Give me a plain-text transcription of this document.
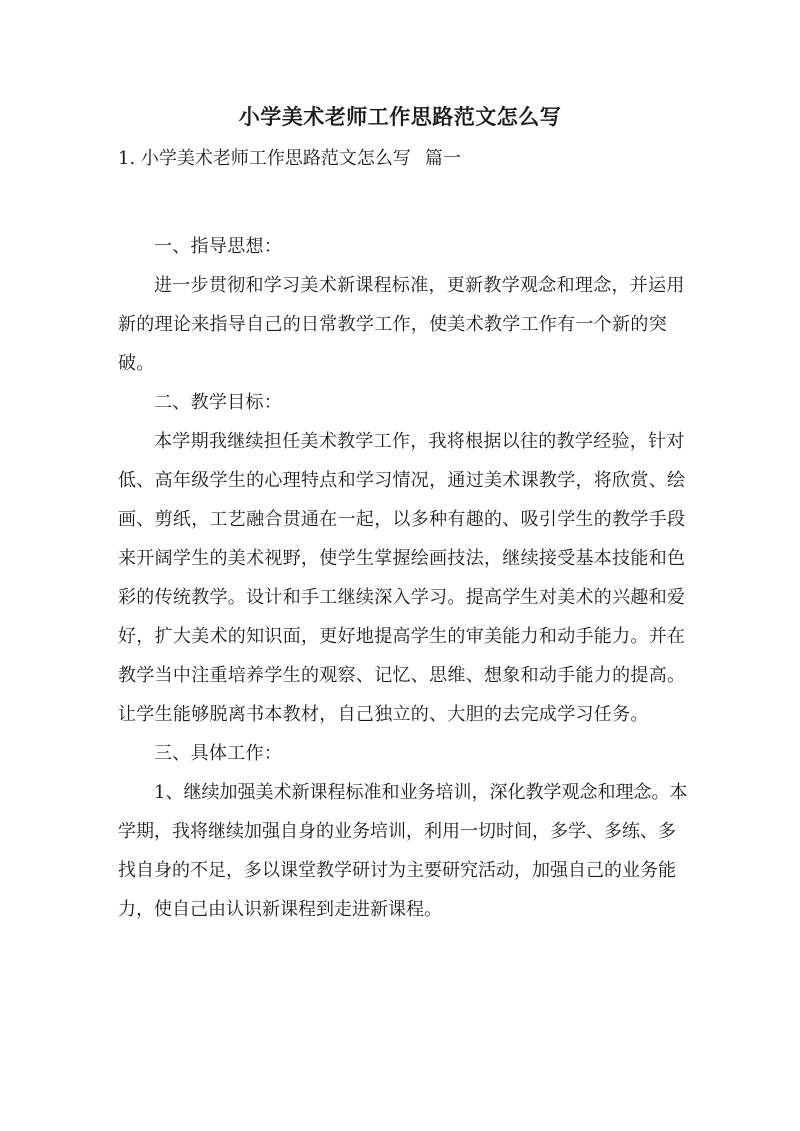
小学美术老师工作思路范文怎么写
1. 小学美术老师工作思路范文怎么写 篇一

一、指导思想：

进一步贯彻和学习美术新课程标准，更新教学观念和理念，并运用新的理论来指导自己的日常教学工作，使美术教学工作有一个新的突破。

二、教学目标：

本学期我继续担任美术教学工作，我将根据以往的教学经验，针对低、高年级学生的心理特点和学习情况，通过美术课教学，将欣赏、绘画、剪纸，工艺融合贯通在一起，以多种有趣的、吸引学生的教学手段来开阔学生的美术视野，使学生掌握绘画技法，继续接受基本技能和色彩的传统教学。设计和手工继续深入学习。提高学生对美术的兴趣和爱好，扩大美术的知识面，更好地提高学生的审美能力和动手能力。并在教学当中注重培养学生的观察、记忆、思维、想象和动手能力的提高。让学生能够脱离书本教材，自己独立的、大胆的去完成学习任务。

三、具体工作：

1、继续加强美术新课程标准和业务培训，深化教学观念和理念。本学期，我将继续加强自身的业务培训，利用一切时间，多学、多练、多找自身的不足，多以课堂教学研讨为主要研究活动，加强自己的业务能力，使自己由认识新课程到走进新课程。
